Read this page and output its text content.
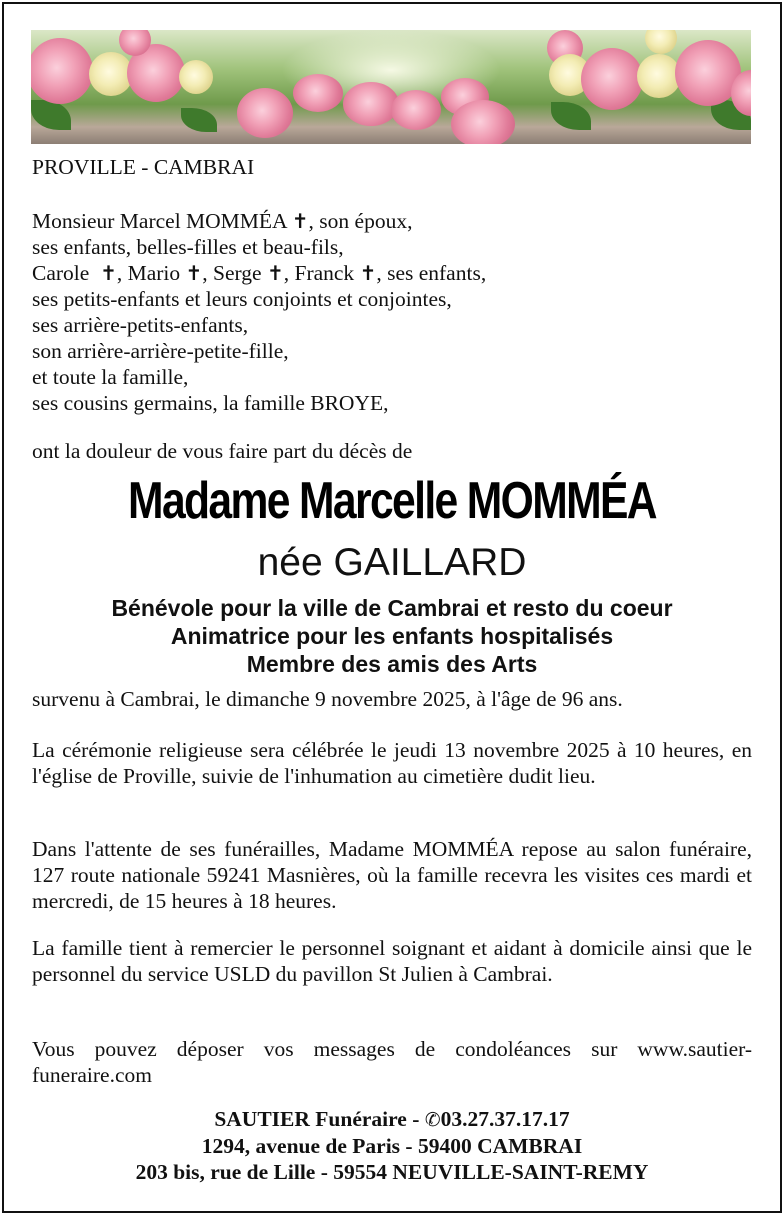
PROVILLE - CAMBRAI
Monsieur Marcel MOMMÉA ✝, son époux,
ses enfants, belles-filles et beau-fils,
Carole ✝, Mario ✝, Serge ✝, Franck ✝, ses enfants,
ses petits-enfants et leurs conjoints et conjointes,
ses arrière-petits-enfants,
son arrière-arrière-petite-fille,
et toute la famille,
ses cousins germains, la famille BROYE,
ont la douleur de vous faire part du décès de
Madame Marcelle MOMMÉA
née GAILLARD
Bénévole pour la ville de Cambrai et resto du coeur
Animatrice pour les enfants hospitalisés
Membre des amis des Arts
survenu à Cambrai, le dimanche 9 novembre 2025, à l'âge de 96 ans.
La cérémonie religieuse sera célébrée le jeudi 13 novembre 2025 à 10 heures, en l'église de Proville, suivie de l'inhumation au cimetière dudit lieu.
Dans l'attente de ses funérailles, Madame MOMMÉA repose au salon funéraire, 127 route nationale 59241 Masnières, où la famille recevra les visites ces mardi et mercredi, de 15 heures à 18 heures.
La famille tient à remercier le personnel soignant et aidant à domicile ainsi que le personnel du service USLD du pavillon St Julien à Cambrai.
Vous pouvez déposer vos messages de condoléances sur www.sautier-funeraire.com
SAUTIER Funéraire - ✆03.27.37.17.17
1294, avenue de Paris - 59400 CAMBRAI
203 bis, rue de Lille - 59554 NEUVILLE-SAINT-REMY
